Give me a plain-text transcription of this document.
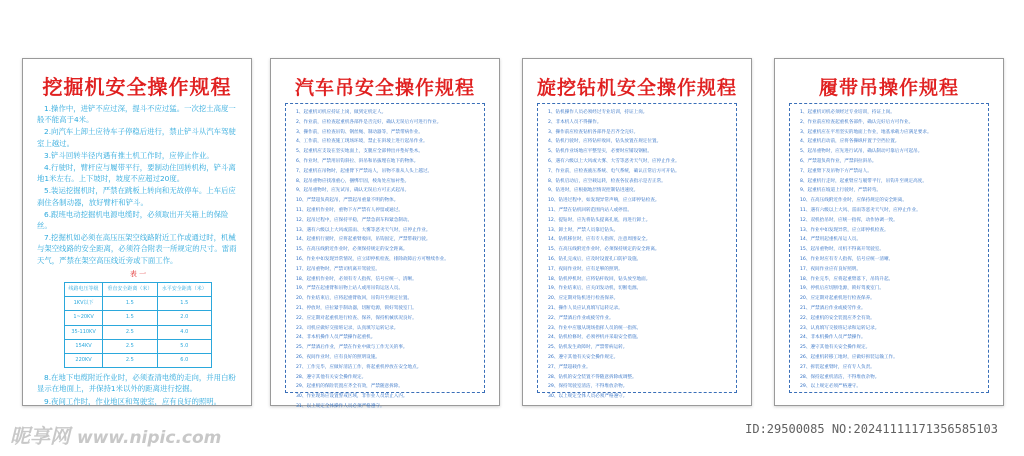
挖掘机安全操作规程

1.操作中，进铲不应过深，提斗不应过猛。一次挖土高度一般不能高于4米。

2.向汽车上卸土应待车子停稳后进行，禁止铲斗从汽车驾驶室上越过。

3.铲斗回转半径内遇有推土机工作时，应停止作业。

4.行驶时，臂杆应与履带平行，要制动住回转机构，铲斗离地1米左右。上下坡时，坡度不应超过20度。

5.装运挖掘机时，严禁在跳板上转向和无故停车。上车后应刹住各制动器，放好臂杆和铲斗。

6.跟班电动挖掘机电源电缆时，必须取出开关箱上的保险丝。

7.挖掘机如必须在高压压架空线路附近工作或通过时，机械与架空线路的安全距离，必须符合附表一所规定的尺寸。雷雨天气，严禁在架空高压线近旁或下面工作。

表 一
线路电压等级	垂直安全距离（米）	水平安全距离（米）
1KV以下	1.5	1.5
1~20KV	1.5	2.0
35-110KV	2.5	4.0
154KV	2.5	5.0
220KV	2.5	6.0

8.在地下电缆附近作业时，必须查清电缆的走向，并用白粉显示在地面上，并保持1米以外的距离进行挖掘。

9.夜间工作时，作业地区和驾驶室，应有良好的照明。

汽车吊安全操作规程

1、起重机司机应持证上岗，做到定机定人。

2、作业前，应检查起重机各部件是否完好，确认无误后方可进行作业。

3、操作前，应检查吊钩、钢丝绳、制动器等，严禁带病作业。

4、工作前，应检查施工现场环境，禁止在斜坡上进行起吊作业。

5、起重机应支设在坚实地面上，支腿应全部伸出并垫好垫木。

6、作业时，严禁用吊钩斜拉、斜吊和吊拔埋在地下的物体。

7、起重机在吊物时，起重臂下严禁站人，吊物不准从人头上越过。

8、起吊重物应找准重心，捆绑牢固，棱角处应加衬垫。

9、起吊重物时，应先试吊，确认无误后方可正式起吊。

10、严禁超负荷起吊，严禁起吊重量不明的物体。

11、起重机作业时，重物下方严禁有人停留或通过。

12、起吊过程中，应保持平稳，严禁急刹车和紧急制动。

13、遇有六级以上大风或雷雨、大雾等恶劣天气时，应停止作业。

14、起重机行驶时，应将起重臂收回，吊钩固定，严禁带载行驶。

15、在高压线附近作业时，必须保持规定的安全距离。

16、作业中如发现异常情况，应立即停机检查，排除故障后方可继续作业。

17、起吊重物时，严禁司机离开驾驶室。

18、起重机作业时，必须有专人指挥，信号应统一、清晰。

19、严禁在起重臂和吊物上站人或用吊钩运送人员。

20、作业结束后，应将起重臂收回，吊钩升至规定位置。

21、停放时，应拉紧手制动器，切断电源，锁好驾驶室门。

22、应定期对起重机进行检查、保养，保持机械状况良好。

23、司机应做好交接班记录，认真填写运转记录。

24、非本机操作人员严禁操作起重机。

25、严禁酒后作业，严禁在作业中做与工作无关的事。

26、夜间作业时，应有良好的照明设施。

27、工作完毕，应做好清洁工作，将起重机停放在安全地点。

28、遵守其他有关安全操作规定。

29、起重机的保险装置应齐全有效，严禁随意拆除。

30、作业现场应设置警戒区域，非作业人员禁止入内。

31、以上规定全体操作人员必须严格遵守。

旋挖钻机安全操作规程

1、钻机操作人员必须经过专业培训，持证上岗。

2、非本机人员不得操作。

3、操作前应检查钻机各部件是否齐全完好。

4、钻机行驶时，应将钻杆收回，钻头放置在规定位置。

5、钻机作业场地应平整坚实，必要时应铺设钢板。

6、遇有六级以上大风或大雾、大雪等恶劣天气时，应停止作业。

7、作业前，应检查液压系统、电气系统，确认正常后方可开钻。

8、钻机启动后，应空载运转，检查各仪表指示是否正常。

9、钻进时，应根据地层情况控制钻进速度。

10、钻进过程中，如发现异常声响，应立即停钻检查。

11、严禁在钻机回转范围内站人或停留。

12、提钻时，应先将钻头提离孔底，再进行卸土。

13、卸土时，严禁人员靠近钻头。

14、钻机移位时，应有专人指挥，注意周围安全。

15、在高压线附近作业时，必须保持规定的安全距离。

16、钻孔完成后，应及时设置孔口防护设施。

17、夜间作业时，应有足够的照明。

18、钻机停机时，应将钻杆收回，钻头放至地面。

19、作业结束后，应关闭发动机，切断电源。

20、应定期对钻机进行检查保养。

21、操作人员应认真填写运转记录。

22、严禁酒后作业或疲劳作业。

23、作业中应服从现场指挥人员的统一指挥。

24、钻机检修时，必须停机并采取安全措施。

25、钻机发生故障时，严禁带病运转。

26、遵守其他有关安全操作规定。

27、严禁超载作业。

28、钻机的安全装置不得随意拆除或调整。

29、保持驾驶室清洁，不得堆放杂物。

30、以上规定全体人员必须严格遵守。

履带吊操作规程

1、起重机司机必须经过专业培训，持证上岗。

2、作业前应检查起重机各部件，确认完好后方可作业。

3、起重机应在平坦坚实的地面上作业，地基承载力应满足要求。

4、起重机启动前，应将各操纵杆置于空挡位置。

5、起吊重物时，应先进行试吊，确认制动可靠后方可起吊。

6、严禁超负荷作业，严禁斜拉斜吊。

7、起重臂下及吊物下方严禁站人。

8、起重机行走时，起重臂应与履带平行，吊钩升至规定高度。

9、起重机在坡道上行驶时，严禁转弯。

10、在高压线附近作业时，应保持规定的安全距离。

11、遇有六级以上大风、雷雨等恶劣天气时，应停止作业。

12、双机抬吊时，应统一指挥，动作协调一致。

13、作业中如发现异常，应立即停机检查。

14、严禁用起重机吊运人员。

15、起吊重物时，司机不得离开驾驶室。

16、作业时应有专人指挥，信号应统一清晰。

17、夜间作业应有良好照明。

18、作业完毕，应将起重臂落下，吊钩升起。

19、停机后应切断电源，锁好驾驶室门。

20、应定期对起重机进行检查保养。

21、严禁酒后作业或疲劳作业。

22、起重机的安全装置应齐全有效。

23、认真填写交接班记录和运转记录。

24、非本机操作人员严禁操作。

25、遵守其他有关安全操作规定。

26、起重机转移工地时，应做好拆装运输工作。

27、拆装起重臂时，应有专人负责。

28、保持起重机清洁，不得堆放杂物。

29、以上规定必须严格遵守。

昵享网 www.nipic.com	ID:29500085 NO:20241111171356585103
